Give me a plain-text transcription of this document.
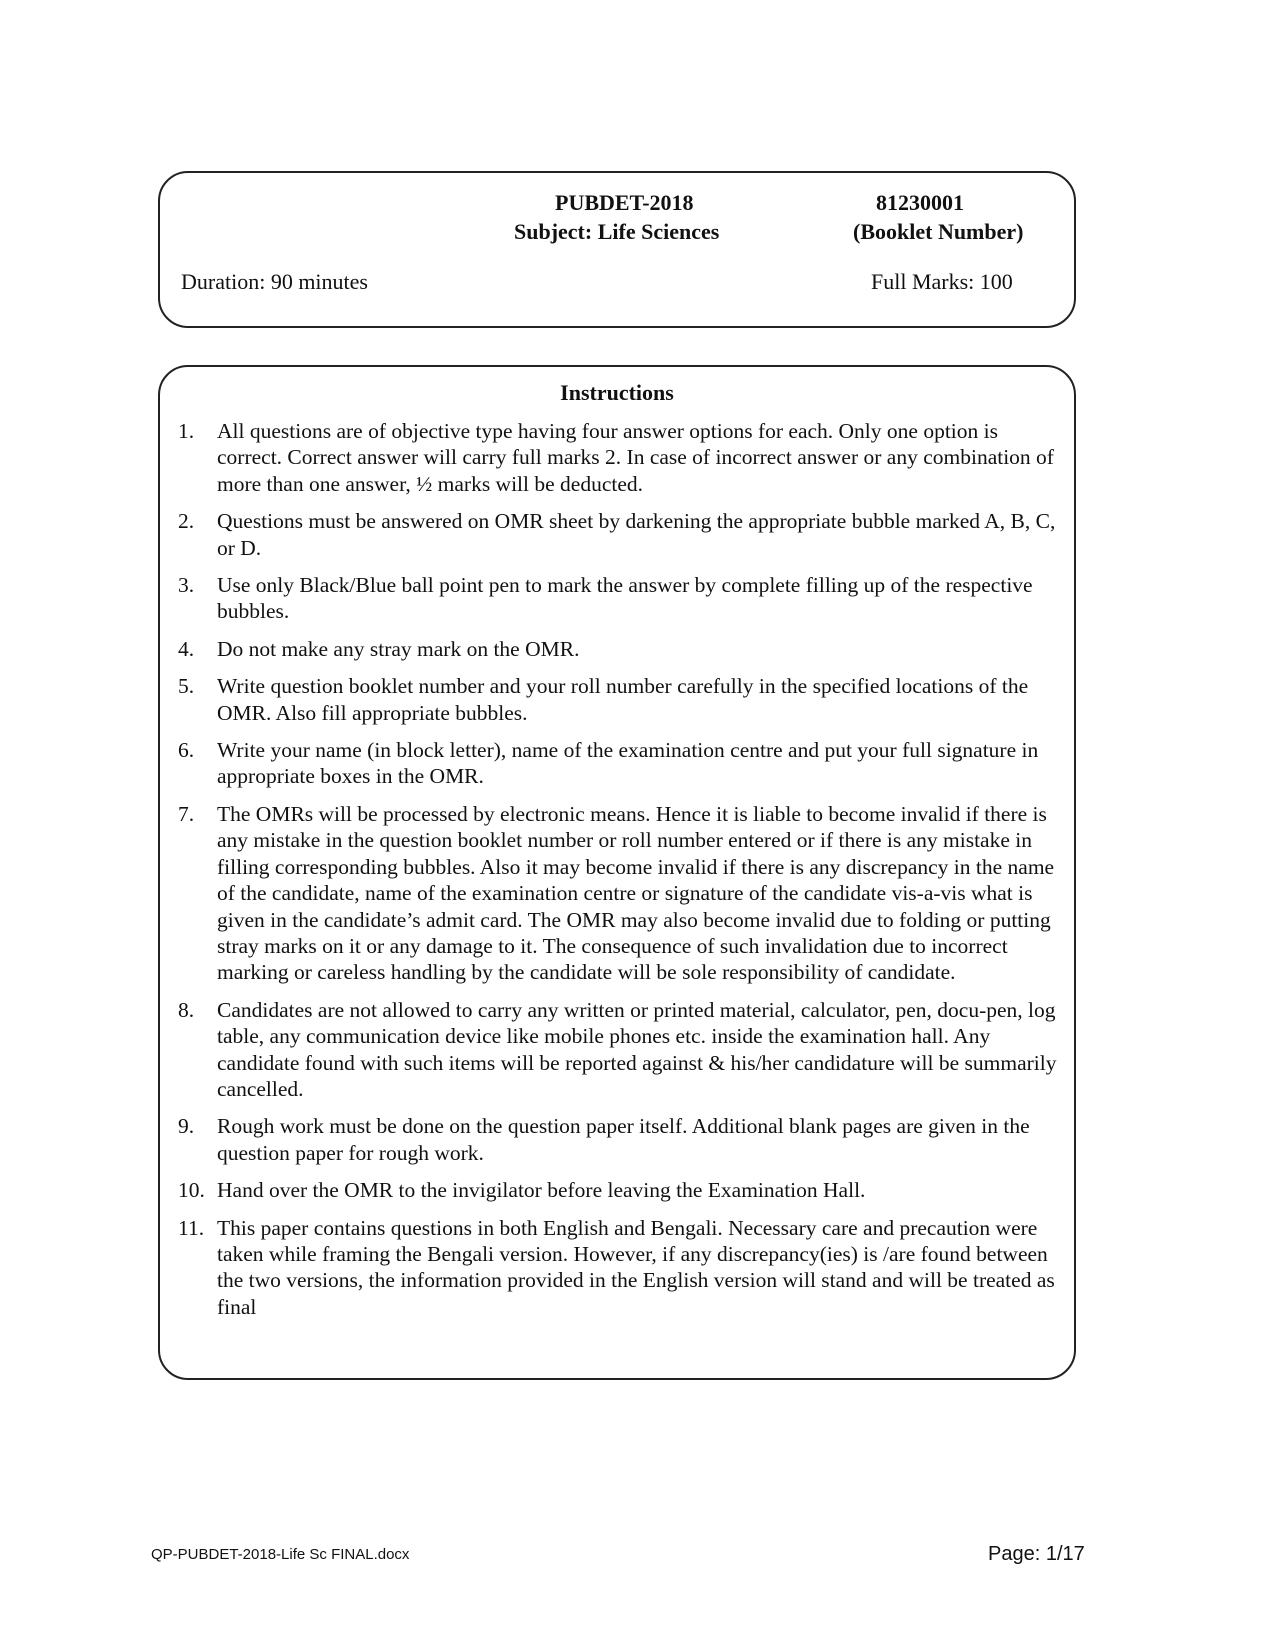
PUBDET-2018
Subject: Life Sciences
81230001
(Booklet Number)
Duration: 90 minutes	Full Marks: 100
Instructions
1.	All questions are of objective type having four answer options for each. Only one option is correct. Correct answer will carry full marks 2. In case of incorrect answer or any combination of more than one answer, ½ marks will be deducted.
2.	Questions must be answered on OMR sheet by darkening the appropriate bubble marked A, B, C, or D.
3.	Use only Black/Blue ball point pen to mark the answer by complete filling up of the respective bubbles.
4.	Do not make any stray mark on the OMR.
5.	Write question booklet number and your roll number carefully in the specified locations of the OMR. Also fill appropriate bubbles.
6.	Write your name (in block letter), name of the examination centre and put your full signature in appropriate boxes in the OMR.
7.	The OMRs will be processed by electronic means. Hence it is liable to become invalid if there is any mistake in the question booklet number or roll number entered or if there is any mistake in filling corresponding bubbles. Also it may become invalid if there is any discrepancy in the name of the candidate, name of the examination centre or signature of the candidate vis-a-vis what is given in the candidate’s admit card. The OMR may also become invalid due to folding or putting stray marks on it or any damage to it. The consequence of such invalidation due to incorrect marking or careless handling by the candidate will be sole responsibility of candidate.
8.	Candidates are not allowed to carry any written or printed material, calculator, pen, docu-pen, log table, any communication device like mobile phones etc. inside the examination hall. Any candidate found with such items will be reported against & his/her candidature will be summarily cancelled.
9.	Rough work must be done on the question paper itself. Additional blank pages are given in the question paper for rough work.
10. Hand over the OMR to the invigilator before leaving the Examination Hall.
11. This paper contains questions in both English and Bengali. Necessary care and precaution were taken while framing the Bengali version. However, if any discrepancy(ies) is /are found between the two versions, the information provided in the English version will stand and will be treated as final
QP-PUBDET-2018-Life Sc FINAL.docx	Page: 1/17
